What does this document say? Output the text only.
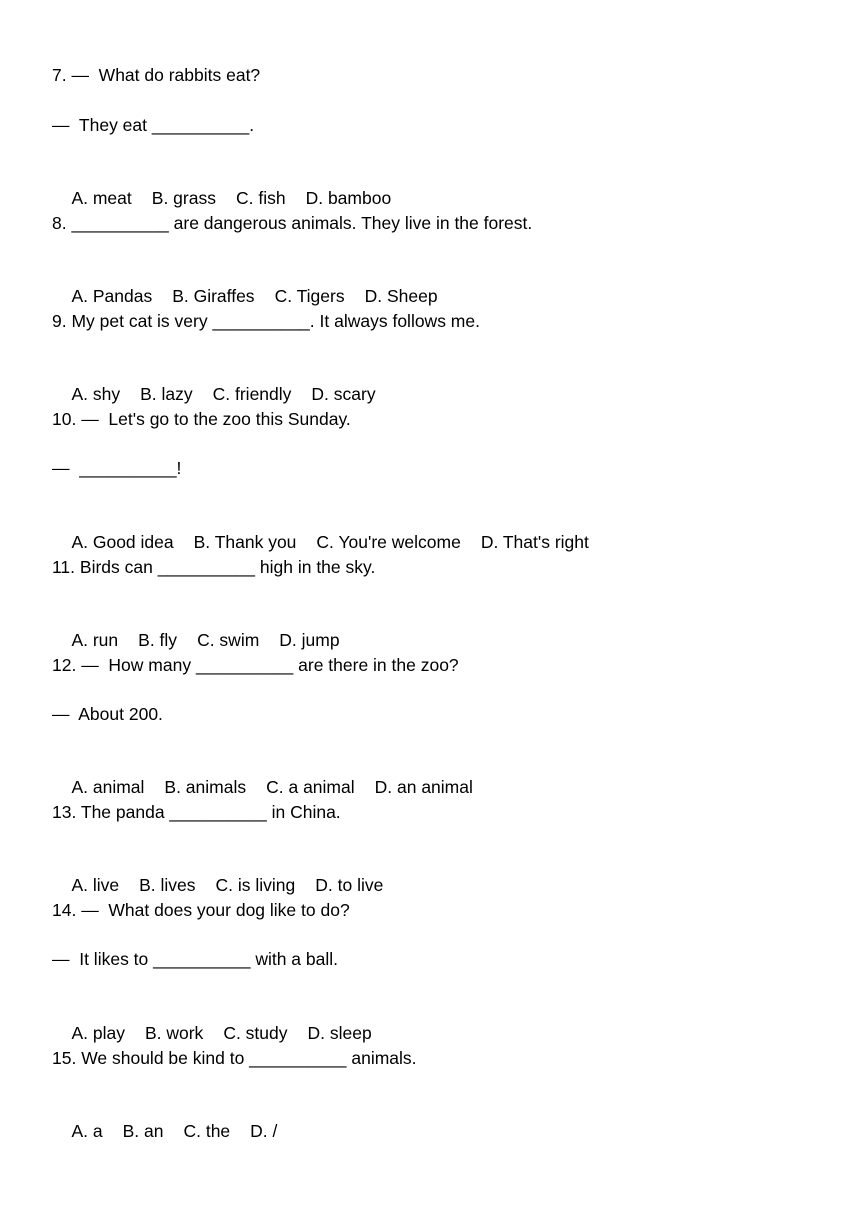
7. —  What do rabbits eat?

—  They eat __________.

A. meat B. grass C. fish D. bamboo

8. __________ are dangerous animals. They live in the forest.

A. Pandas B. Giraffes C. Tigers D. Sheep

9. My pet cat is very __________. It always follows me.

A. shy B. lazy C. friendly D. scary

10. —  Let's go to the zoo this Sunday.

—  __________!

A. Good idea B. Thank you C. You're welcome D. That's right

11. Birds can __________ high in the sky.

A. run B. fly C. swim D. jump

12. —  How many __________ are there in the zoo?

—  About 200.

A. animal B. animals C. a animal D. an animal

13. The panda __________ in China.

A. live B. lives C. is living D. to live

14. —  What does your dog like to do?

—  It likes to __________ with a ball.

A. play B. work C. study D. sleep

15. We should be kind to __________ animals.

A. a B. an C. the D. /
